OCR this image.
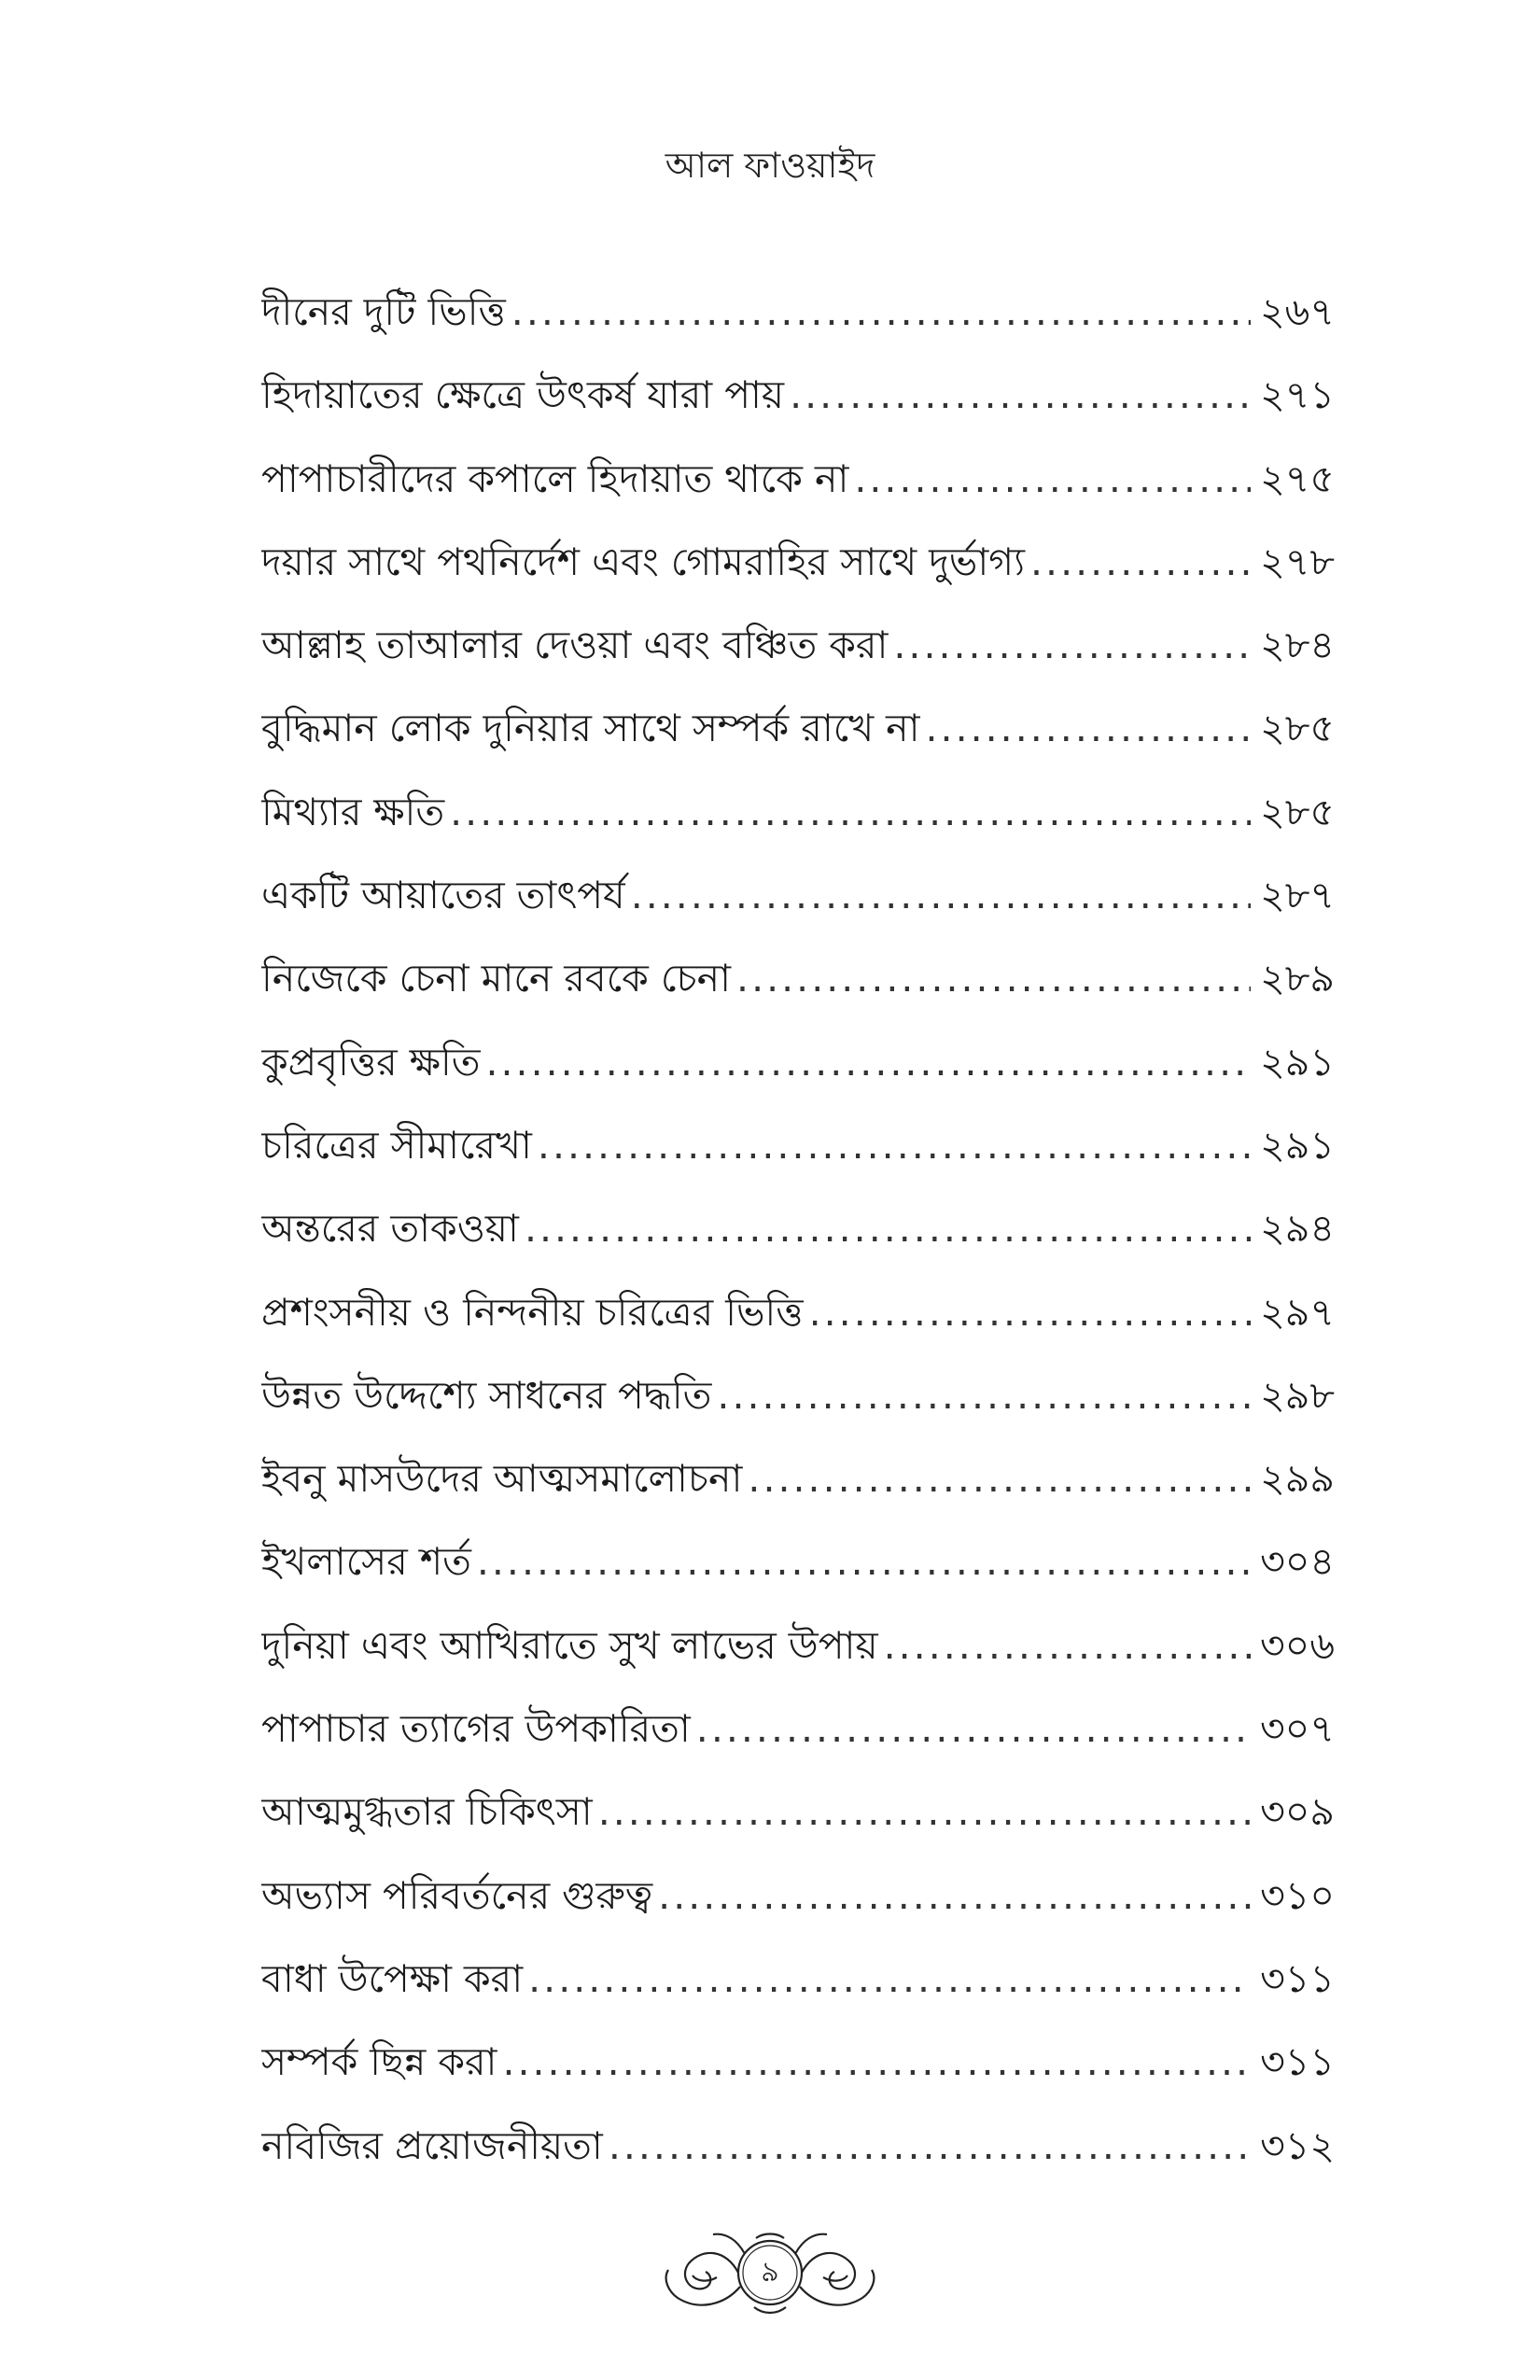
আল ফাওয়াইদ
দীনের দুটি ভিত্তি .....	২৬৭
হিদায়াতের ক্ষেত্রে উৎকর্ষ যারা পায় .....	২৭১
পাপাচারীদের কপালে হিদায়াত থাকে না .....	২৭৫
দয়ার সাথে পথনির্দেশ এবং গোমরাহির সাথে দুর্ভাগ্য .....	২৭৮
আল্লাহ তাআলার দেওয়া এবং বঞ্চিত করা .....	২৮৪
বুদ্ধিমান লোক দুনিয়ার সাথে সম্পর্ক রাখে না .....	২৮৫
মিথ্যার ক্ষতি .....	২৮৫
একটি আয়াতের তাৎপর্য .....	২৮৭
নিজেকে চেনা মানে রবকে চেনা .....	২৮৯
কুপ্রবৃত্তির ক্ষতি .....	২৯১
চরিত্রের সীমারেখা .....	২৯১
অন্তরের তাকওয়া .....	২৯৪
প্রশংসনীয় ও নিন্দনীয় চরিত্রের ভিত্তি .....	২৯৭
উন্নত উদ্দেশ্যে সাধনের পদ্ধতি .....	২৯৮
ইবনু মাসউদের আত্মসমালোচনা .....	২৯৯
ইখলাসের শর্ত .....	৩০৪
দুনিয়া এবং আখিরাতে সুখ লাভের উপায় .....	৩০৬
পাপাচার ত্যাগের উপকারিতা .....	৩০৭
আত্মমুগ্ধতার চিকিৎসা .....	৩০৯
অভ্যাস পরিবর্তনের গুরুত্ব .....	৩১০
বাধা উপেক্ষা করা .....	৩১১
সম্পর্ক ছিন্ন করা .....	৩১১
নবিজির প্রয়োজনীয়তা .....	৩১২
৯
